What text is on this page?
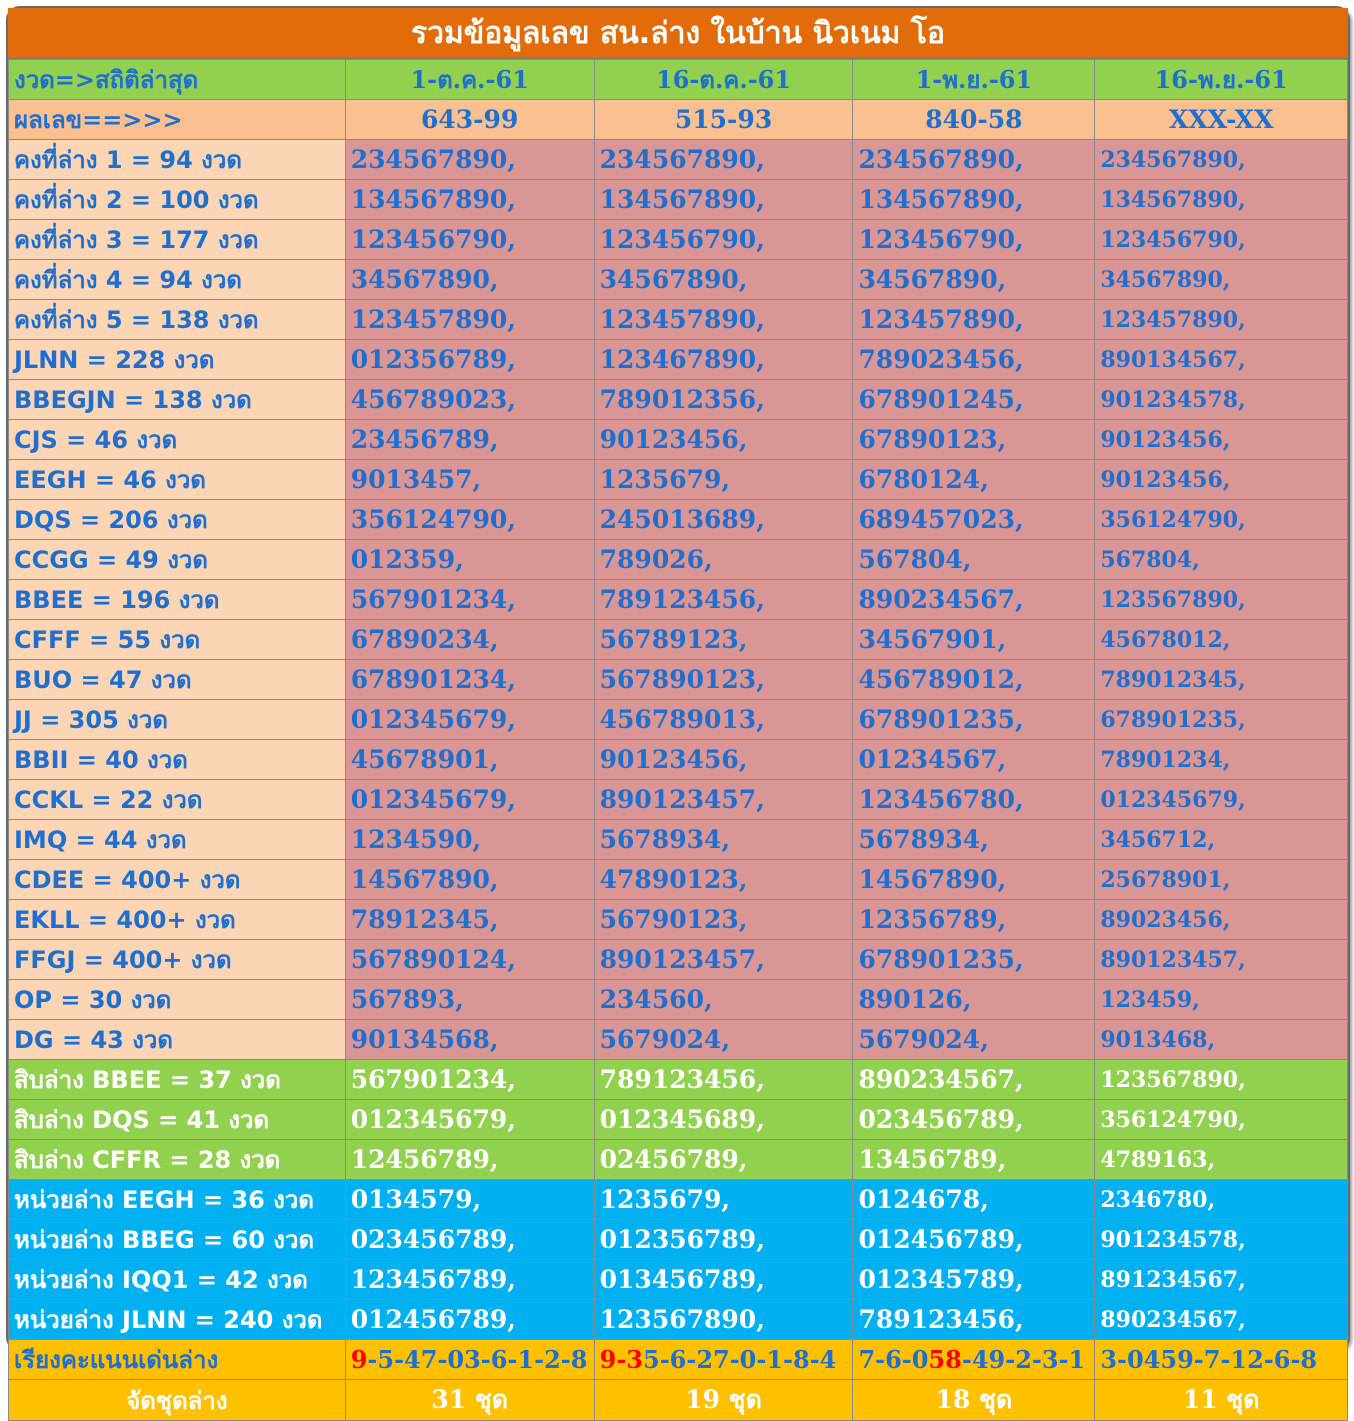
รวมข้อมูลเลข สน.ล่าง ในบ้าน นิวเนม โอ
งวด=>สถิติล่าสุด	1-ต.ค.-61	16-ต.ค.-61	1-พ.ย.-61	16-พ.ย.-61
ผลเลข==>>>	643-99	515-93	840-58	XXX-XX
คงที่ล่าง 1 = 94 งวด	234567890,	234567890,	234567890,	234567890,
คงที่ล่าง 2 = 100 งวด	134567890,	134567890,	134567890,	134567890,
คงที่ล่าง 3 = 177 งวด	123456790,	123456790,	123456790,	123456790,
คงที่ล่าง 4 = 94 งวด	34567890,	34567890,	34567890,	34567890,
คงที่ล่าง 5 = 138 งวด	123457890,	123457890,	123457890,	123457890,
JLNN = 228 งวด	012356789,	123467890,	789023456,	890134567,
BBEGJN = 138 งวด	456789023,	789012356,	678901245,	901234578,
CJS = 46 งวด	23456789,	90123456,	67890123,	90123456,
EEGH = 46 งวด	9013457,	1235679,	6780124,	90123456,
DQS = 206 งวด	356124790,	245013689,	689457023,	356124790,
CCGG = 49 งวด	012359,	789026,	567804,	567804,
BBEE = 196 งวด	567901234,	789123456,	890234567,	123567890,
CFFF = 55 งวด	67890234,	56789123,	34567901,	45678012,
BUO = 47 งวด	678901234,	567890123,	456789012,	789012345,
JJ = 305 งวด	012345679,	456789013,	678901235,	678901235,
BBII = 40 งวด	45678901,	90123456,	01234567,	78901234,
CCKL = 22 งวด	012345679,	890123457,	123456780,	012345679,
IMQ = 44 งวด	1234590,	5678934,	5678934,	3456712,
CDEE = 400+ งวด	14567890,	47890123,	14567890,	25678901,
EKLL = 400+ งวด	78912345,	56790123,	12356789,	89023456,
FFGJ = 400+ งวด	567890124,	890123457,	678901235,	890123457,
OP = 30 งวด	567893,	234560,	890126,	123459,
DG = 43 งวด	90134568,	5679024,	5679024,	9013468,
สิบล่าง BBEE = 37 งวด	567901234,	789123456,	890234567,	123567890,
สิบล่าง DQS = 41 งวด	012345679,	012345689,	023456789,	356124790,
สิบล่าง CFFR = 28 งวด	12456789,	02456789,	13456789,	4789163,
หน่วยล่าง EEGH = 36 งวด	0134579,	1235679,	0124678,	2346780,
หน่วยล่าง BBEG = 60 งวด	023456789,	012356789,	012456789,	901234578,
หน่วยล่าง IQQ1 = 42 งวด	123456789,	013456789,	012345789,	891234567,
หน่วยล่าง JLNN = 240 งวด	012456789,	123567890,	789123456,	890234567,
เรียงคะแนนเด่นล่าง	9-5-47-03-6-1-2-8	9-35-6-27-0-1-8-4	7-6-058-49-2-3-1	3-0459-7-12-6-8
จัดชุดล่าง	31 ชุด	19 ชุด	18 ชุด	11 ชุด
